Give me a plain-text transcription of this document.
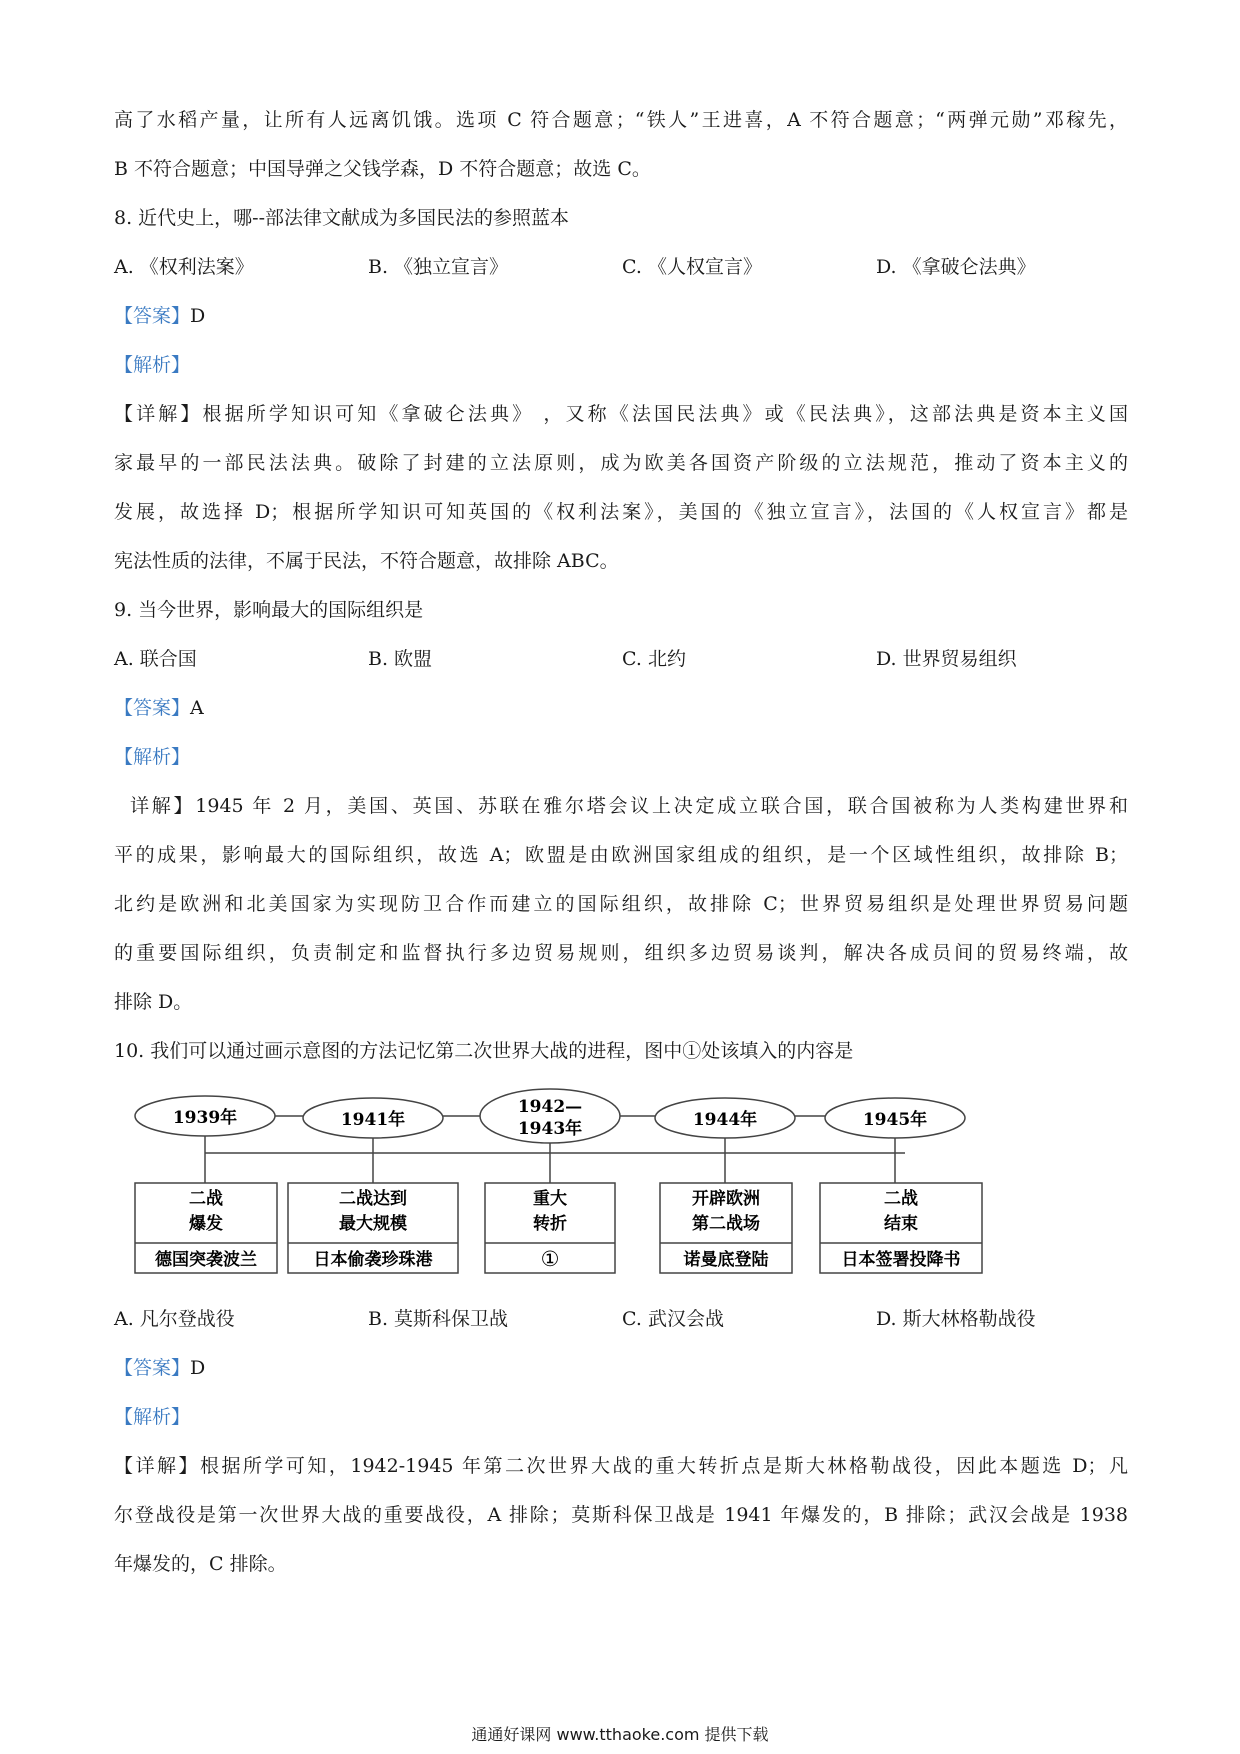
高了水稻产量，让所有人远离饥饿。选项 C 符合题意；“铁人”王进喜，A 不符合题意；“两弹元勋”邓稼先，
B 不符合题意；中国导弹之父钱学森，D 不符合题意；故选 C。
8. 近代史上，哪--部法律文献成为多国民法的参照蓝本
A. 《权利法案》	B. 《独立宣言》	C. 《人权宣言》	D. 《拿破仑法典》
【答案】D
【解析】
【详解】根据所学知识可知《拿破仑法典》 ，又称《法国民法典》或《民法典》，这部法典是资本主义国
家最早的一部民法法典。破除了封建的立法原则，成为欧美各国资产阶级的立法规范，推动了资本主义的
发展，故选择 D；根据所学知识可知英国的《权利法案》，美国的《独立宣言》，法国的《人权宣言》都是
宪法性质的法律，不属于民法，不符合题意，故排除 ABC。
9. 当今世界，影响最大的国际组织是
A. 联合国	B. 欧盟	C. 北约	D. 世界贸易组织
【答案】A
【解析】
详解】1945 年 2 月，美国、英国、苏联在雅尔塔会议上决定成立联合国，联合国被称为人类构建世界和
平的成果，影响最大的国际组织，故选 A；欧盟是由欧洲国家组成的组织，是一个区域性组织，故排除 B；
北约是欧洲和北美国家为实现防卫合作而建立的国际组织，故排除 C；世界贸易组织是处理世界贸易问题
的重要国际组织，负责制定和监督执行多边贸易规则，组织多边贸易谈判，解决各成员间的贸易终端，故
排除 D。
10. 我们可以通过画示意图的方法记忆第二次世界大战的进程，图中①处该填入的内容是
1939年	1941年
1942—
1943年	1944年	1945年
二战
爆发
德国突袭波兰
二战达到
最大规模
日本偷袭珍珠港
重大
转折
①
开辟欧洲
第二战场
诺曼底登陆
二战
结束
日本签署投降书
A. 凡尔登战役	B. 莫斯科保卫战	C. 武汉会战	D. 斯大林格勒战役
【答案】D
【解析】
【详解】根据所学可知，1942-1945 年第二次世界大战的重大转折点是斯大林格勒战役，因此本题选 D；凡
尔登战役是第一次世界大战的重要战役，A 排除；莫斯科保卫战是 1941 年爆发的，B 排除；武汉会战是 1938
年爆发的，C 排除。
通通好课网 www.tthaoke.com 提供下载
